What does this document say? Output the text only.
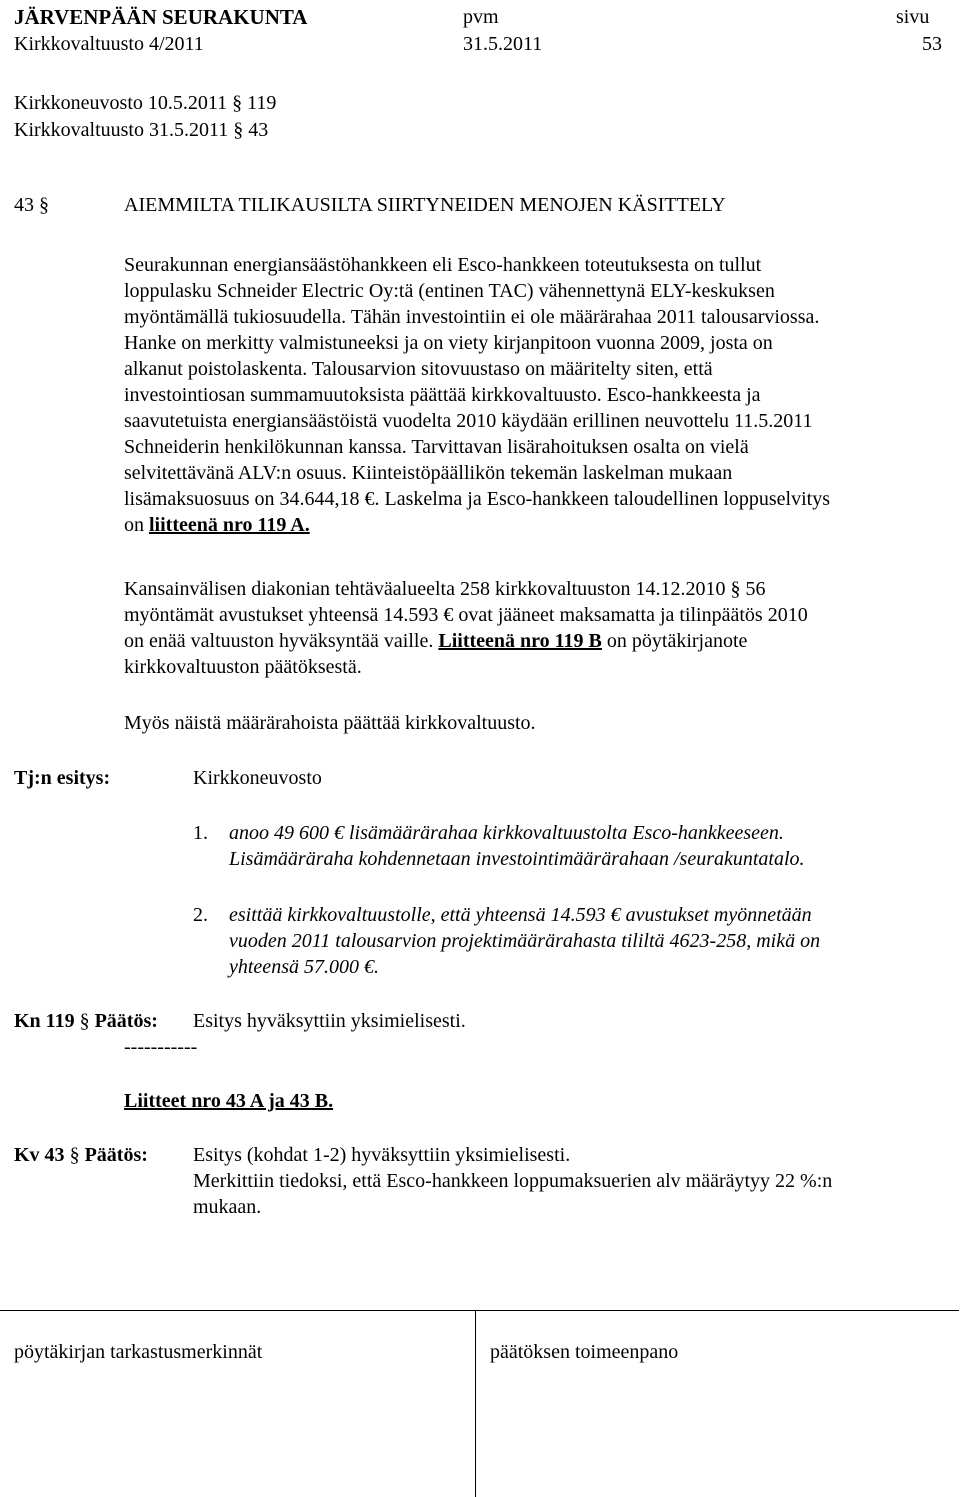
JÄRVENPÄÄN SEURAKUNTA	pvm	sivu
Kirkkovaltuusto 4/2011	31.5.2011	53
Kirkkoneuvosto 10.5.2011 § 119
Kirkkovaltuusto 31.5.2011 § 43
43 §	AIEMMILTA TILIKAUSILTA SIIRTYNEIDEN MENOJEN KÄSITTELY
Seurakunnan energiansäästöhankkeen eli Esco-hankkeen toteutuksesta on tullut
loppulasku Schneider Electric Oy:tä (entinen TAC) vähennettynä ELY-keskuksen
myöntämällä tukiosuudella. Tähän investointiin ei ole määrärahaa 2011 talousarviossa.
Hanke on merkitty valmistuneeksi ja on viety kirjanpitoon vuonna 2009, josta on
alkanut poistolaskenta. Talousarvion sitovuustaso on määritelty siten, että
investointiosan summamuutoksista päättää kirkkovaltuusto. Esco-hankkeesta ja
saavutetuista energiansäästöistä vuodelta 2010 käydään erillinen neuvottelu 11.5.2011
Schneiderin henkilökunnan kanssa. Tarvittavan lisärahoituksen osalta on vielä
selvitettävänä ALV:n osuus. Kiinteistöpäällikön tekemän laskelman mukaan
lisämaksuosuus on 34.644,18 €. Laskelma ja Esco-hankkeen taloudellinen loppuselvitys
on liitteenä nro 119 A.
Kansainvälisen diakonian tehtäväalueelta 258 kirkkovaltuuston 14.12.2010 § 56
myöntämät avustukset yhteensä 14.593 € ovat jääneet maksamatta ja tilinpäätös 2010
on enää valtuuston hyväksyntää vaille. Liitteenä nro 119 B on pöytäkirjanote
kirkkovaltuuston päätöksestä.
Myös näistä määrärahoista päättää kirkkovaltuusto.
Tj:n esitys:	Kirkkoneuvosto
1. anoo 49 600 € lisämäärärahaa kirkkovaltuustolta Esco-hankkeeseen.
Lisämääräraha kohdennetaan investointimäärärahaan /seurakuntatalo.
2. esittää kirkkovaltuustolle, että yhteensä 14.593 € avustukset myönnetään
vuoden 2011 talousarvion projektimäärärahasta tililtä 4623-258, mikä on
yhteensä 57.000 €.
Kn 119 § Päätös: Esitys hyväksyttiin yksimielisesti.
-----------
Liitteet nro 43 A ja 43 B.
Kv 43 § Päätös: Esitys (kohdat 1-2) hyväksyttiin yksimielisesti.
Merkittiin tiedoksi, että Esco-hankkeen loppumaksuerien alv määräytyy 22 %:n
mukaan.
pöytäkirjan tarkastusmerkinnät	päätöksen toimeenpano
